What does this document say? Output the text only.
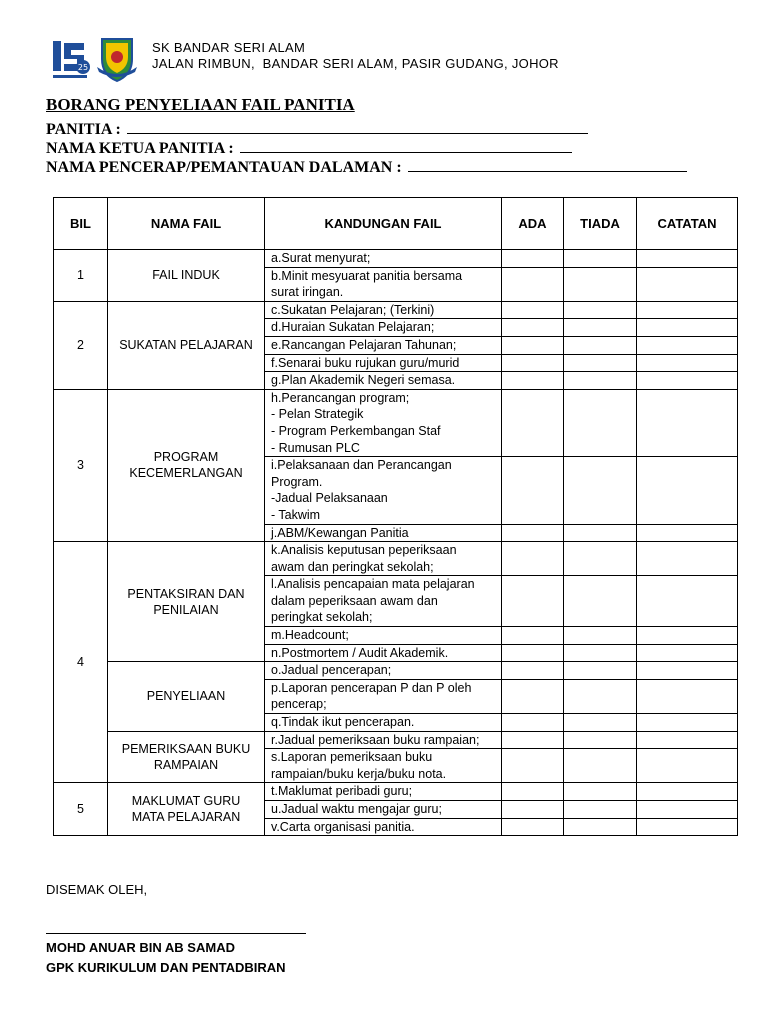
25
SK BANDAR SERI ALAM
JALAN RIMBUN,  BANDAR SERI ALAM, PASIR GUDANG, JOHOR
BORANG PENYELIAAN FAIL PANITIA
PANITIA :
NAMA KETUA PANITIA :
NAMA PENCERAP/PEMANTAUAN DALAMAN :
BIL	NAMA FAIL	KANDUNGAN FAIL	ADA	TIADA	CATATAN
1	FAIL INDUK	a.Surat menyurat;			
		b.Minit mesyuarat panitia bersama
surat iringan.			
2	SUKATAN PELAJARAN	c.Sukatan Pelajaran; (Terkini)			
		d.Huraian Sukatan Pelajaran;			
		e.Rancangan Pelajaran Tahunan;			
		f.Senarai buku rujukan guru/murid			
		g.Plan Akademik Negeri semasa.			
3	PROGRAM
KECEMERLANGAN	h.Perancangan program;
- Pelan Strategik
- Program Perkembangan Staf
- Rumusan PLC			
		i.Pelaksanaan dan Perancangan
Program.
-Jadual Pelaksanaan
- Takwim			
		j.ABM/Kewangan Panitia			
4	PENTAKSIRAN DAN
PENILAIAN	k.Analisis keputusan peperiksaan
awam dan peringkat sekolah;			
		l.Analisis pencapaian mata pelajaran
dalam peperiksaan awam dan
peringkat sekolah;			
		m.Headcount;			
		n.Postmortem / Audit Akademik.			
	PENYELIAAN	o.Jadual pencerapan;			
		p.Laporan pencerapan P dan P oleh
pencerap;			
		q.Tindak ikut pencerapan.			
	PEMERIKSAAN BUKU
RAMPAIAN	r.Jadual pemeriksaan buku rampaian;			
		s.Laporan pemeriksaan buku
rampaian/buku kerja/buku nota.

5	MAKLUMAT GURU
MATA PELAJARAN	t.Maklumat peribadi guru;			
		u.Jadual waktu mengajar guru;			
		v.Carta organisasi panitia.

DISEMAK OLEH,
MOHD ANUAR BIN AB SAMAD
GPK KURIKULUM DAN PENTADBIRAN
